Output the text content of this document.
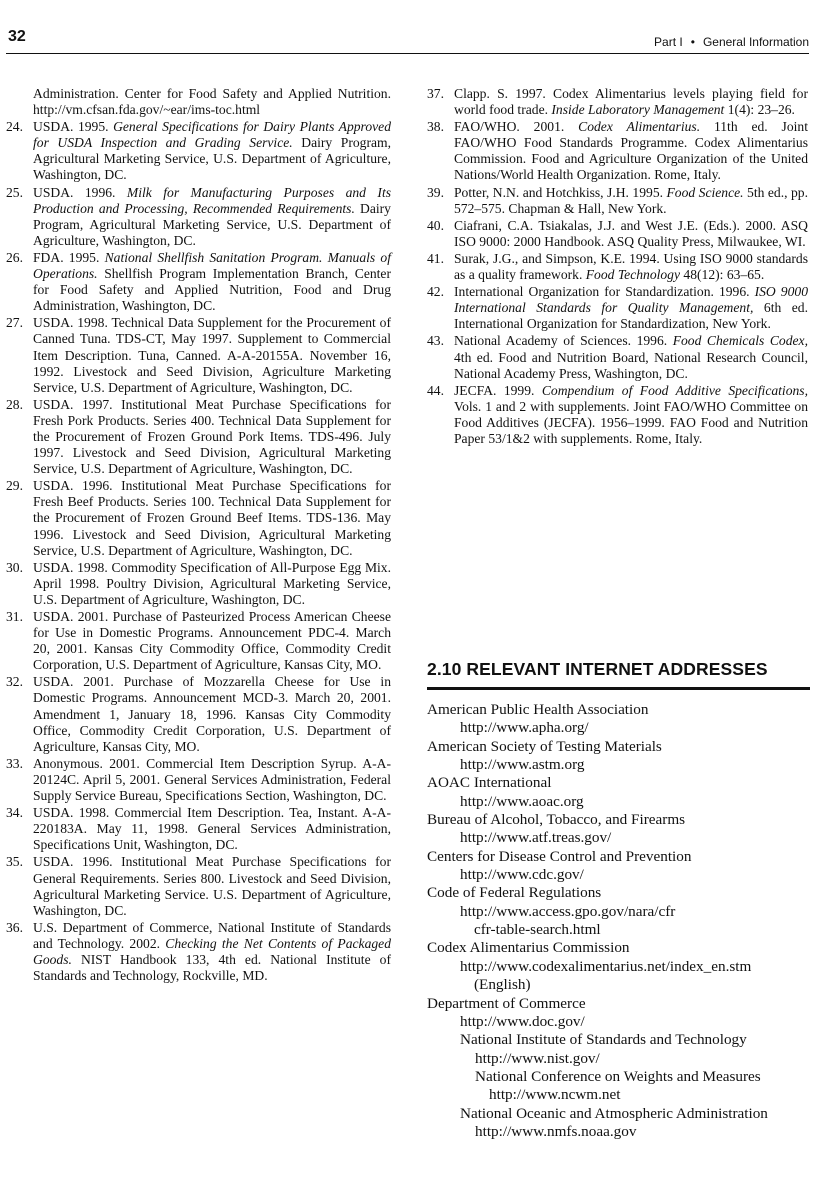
32	Part I • General Information
Administration. Center for Food Safety and Applied Nutrition. http://vm.cfsan.fda.gov/~ear/ims-toc.html
24. USDA. 1995. General Specifications for Dairy Plants Approved for USDA Inspection and Grading Service. Dairy Program, Agricultural Marketing Service, U.S. Department of Agriculture, Washington, DC.
25. USDA. 1996. Milk for Manufacturing Purposes and Its Production and Processing, Recommended Requirements. Dairy Program, Agricultural Marketing Service, U.S. Department of Agriculture, Washington, DC.
26. FDA. 1995. National Shellfish Sanitation Program. Manuals of Operations. Shellfish Program Implementation Branch, Center for Food Safety and Applied Nutrition, Food and Drug Administration, Washington, DC.
27. USDA. 1998. Technical Data Supplement for the Procurement of Canned Tuna. TDS-CT, May 1997. Supplement to Commercial Item Description. Tuna, Canned. A-A-20155A. November 16, 1992. Livestock and Seed Division, Agriculture Marketing Service, U.S. Department of Agriculture, Washington, DC.
28. USDA. 1997. Institutional Meat Purchase Specifications for Fresh Pork Products. Series 400. Technical Data Supplement for the Procurement of Frozen Ground Pork Items. TDS-496. July 1997. Livestock and Seed Division, Agricultural Marketing Service, U.S. Department of Agriculture, Washington, DC.
29. USDA. 1996. Institutional Meat Purchase Specifications for Fresh Beef Products. Series 100. Technical Data Supplement for the Procurement of Frozen Ground Beef Items. TDS-136. May 1996. Livestock and Seed Division, Agricultural Marketing Service, U.S. Department of Agriculture, Washington, DC.
30. USDA. 1998. Commodity Specification of All-Purpose Egg Mix. April 1998. Poultry Division, Agricultural Marketing Service, U.S. Department of Agriculture, Washington, DC.
31. USDA. 2001. Purchase of Pasteurized Process American Cheese for Use in Domestic Programs. Announcement PDC-4. March 20, 2001. Kansas City Commodity Office, Commodity Credit Corporation, U.S. Department of Agriculture, Kansas City, MO.
32. USDA. 2001. Purchase of Mozzarella Cheese for Use in Domestic Programs. Announcement MCD-3. March 20, 2001. Amendment 1, January 18, 1996. Kansas City Commodity Office, Commodity Credit Corporation, U.S. Department of Agriculture, Kansas City, MO.
33. Anonymous. 2001. Commercial Item Description Syrup. A-A-20124C. April 5, 2001. General Services Administration, Federal Supply Service Bureau, Specifications Section, Washington, DC.
34. USDA. 1998. Commercial Item Description. Tea, Instant. A-A-220183A. May 11, 1998. General Services Administration, Specifications Unit, Washington, DC.
35. USDA. 1996. Institutional Meat Purchase Specifications for General Requirements. Series 800. Livestock and Seed Division, Agricultural Marketing Service. U.S. Department of Agriculture, Washington, DC.
36. U.S. Department of Commerce, National Institute of Standards and Technology. 2002. Checking the Net Contents of Packaged Goods. NIST Handbook 133, 4th ed. National Institute of Standards and Technology, Rockville, MD.
37. Clapp. S. 1997. Codex Alimentarius levels playing field for world food trade. Inside Laboratory Management 1(4): 23–26.
38. FAO/WHO. 2001. Codex Alimentarius. 11th ed. Joint FAO/WHO Food Standards Programme. Codex Alimentarius Commission. Food and Agriculture Organization of the United Nations/World Health Organization. Rome, Italy.
39. Potter, N.N. and Hotchkiss, J.H. 1995. Food Science. 5th ed., pp. 572–575. Chapman & Hall, New York.
40. Ciafrani, C.A. Tsiakalas, J.J. and West J.E. (Eds.). 2000. ASQ ISO 9000: 2000 Handbook. ASQ Quality Press, Milwaukee, WI.
41. Surak, J.G., and Simpson, K.E. 1994. Using ISO 9000 standards as a quality framework. Food Technology 48(12): 63–65.
42. International Organization for Standardization. 1996. ISO 9000 International Standards for Quality Management, 6th ed. International Organization for Standardization, New York.
43. National Academy of Sciences. 1996. Food Chemicals Codex, 4th ed. Food and Nutrition Board, National Research Council, National Academy Press, Washington, DC.
44. JECFA. 1999. Compendium of Food Additive Specifications, Vols. 1 and 2 with supplements. Joint FAO/WHO Committee on Food Additives (JECFA). 1956–1999. FAO Food and Nutrition Paper 53/1&2 with supplements. Rome, Italy.
2.10 RELEVANT INTERNET ADDRESSES
American Public Health Association
http://www.apha.org/
American Society of Testing Materials
http://www.astm.org
AOAC International
http://www.aoac.org
Bureau of Alcohol, Tobacco, and Firearms
http://www.atf.treas.gov/
Centers for Disease Control and Prevention
http://www.cdc.gov/
Code of Federal Regulations
http://www.access.gpo.gov/nara/cfr
cfr-table-search.html
Codex Alimentarius Commission
http://www.codexalimentarius.net/index_en.stm
(English)
Department of Commerce
http://www.doc.gov/
National Institute of Standards and Technology
http://www.nist.gov/
National Conference on Weights and Measures
http://www.ncwm.net
National Oceanic and Atmospheric Administration
http://www.nmfs.noaa.gov
